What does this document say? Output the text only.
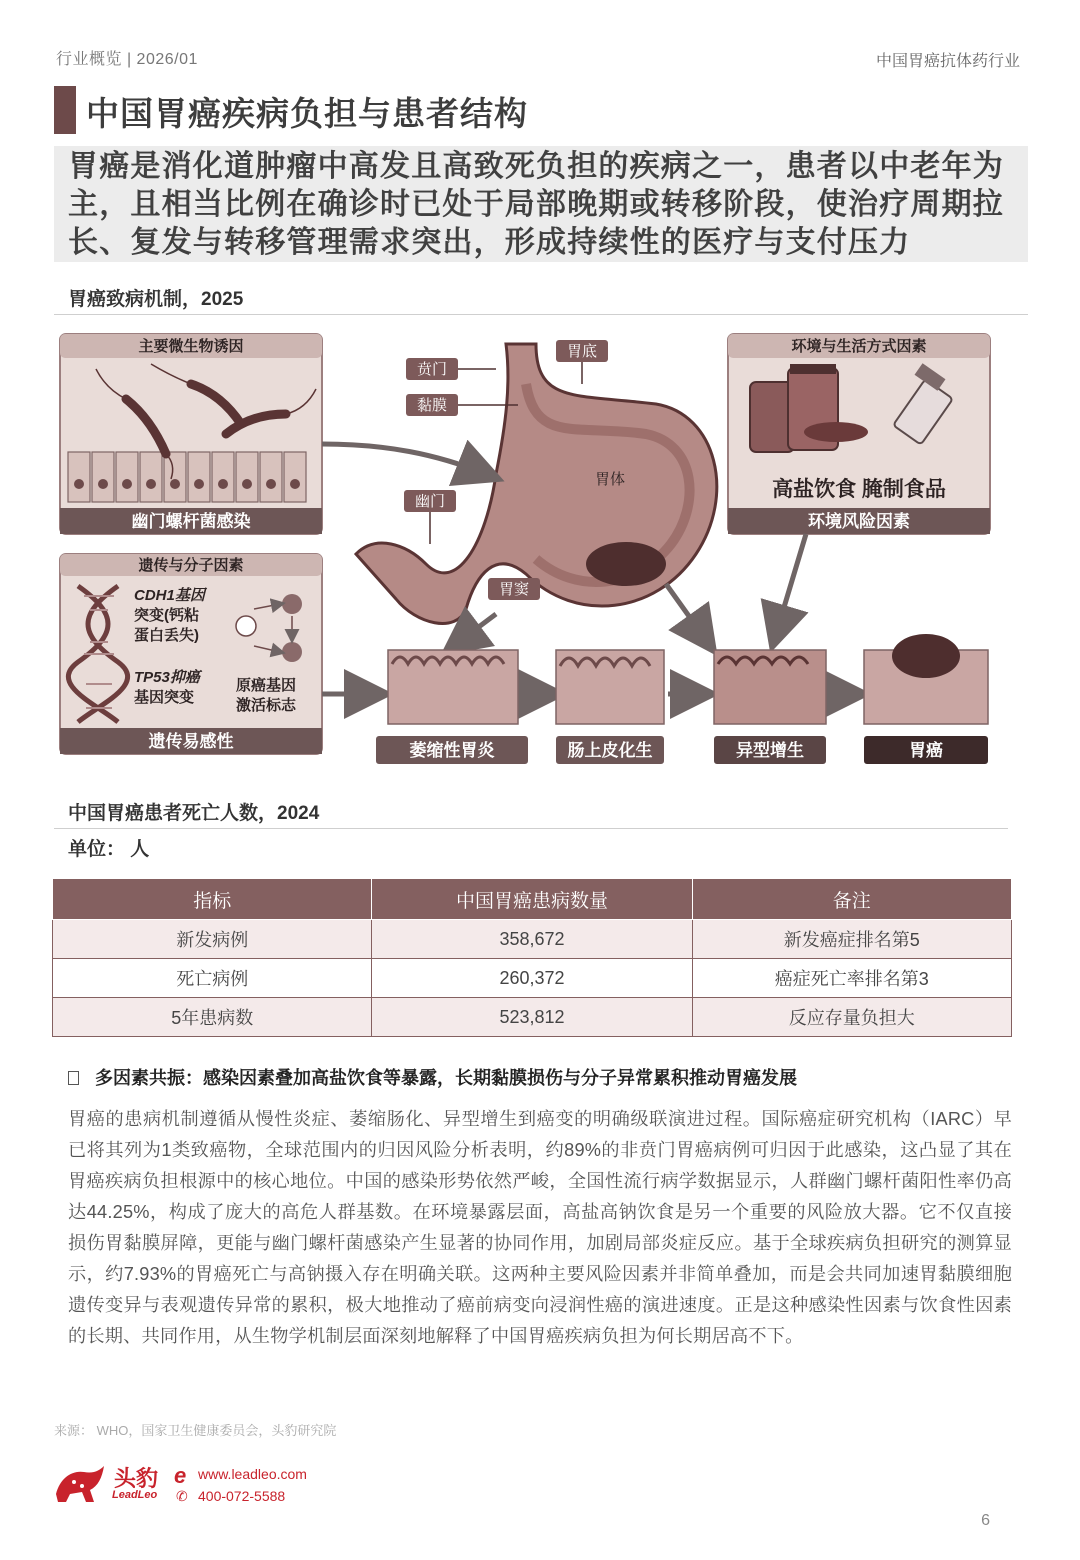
行业概览 | 2026/01	中国胃癌抗体药行业
中国胃癌疾病负担与患者结构
胃癌是消化道肿瘤中高发且高致死负担的疾病之一，患者以中老年为主，且相当比例在确诊时已处于局部晚期或转移阶段，使治疗周期拉长、复发与转移管理需求突出，形成持续性的医疗与支付压力
胃癌致病机制，2025
主要微生物诱因
幽门螺杆菌感染
遗传与分子因素
CDH1基因
突变(钙粘
蛋白丢失)
TP53抑癌
基因突变
原癌基因
激活标志
遗传易感性
环境与生活方式因素
高盐饮食 腌制食品
环境风险因素
贲门
黏膜
胃底
胃体
幽门
胃窦
萎缩性胃炎	肠上皮化生	异型增生	胃癌
中国胃癌患者死亡人数，2024
单位： 人
指标	中国胃癌患病数量	备注
新发病例	358,672	新发癌症排名第5
死亡病例	260,372	癌症死亡率排名第3
5年患病数	523,812	反应存量负担大
多因素共振：感染因素叠加高盐饮食等暴露，长期黏膜损伤与分子异常累积推动胃癌发展
胃癌的患病机制遵循从慢性炎症、萎缩肠化、异型增生到癌变的明确级联演进过程。国际癌症研究机构（IARC）早已将其列为1类致癌物，全球范围内的归因风险分析表明，约89%的非贲门胃癌病例可归因于此感染，这凸显了其在胃癌疾病负担根源中的核心地位。中国的感染形势依然严峻，全国性流行病学数据显示，人群幽门螺杆菌阳性率仍高达44.25%，构成了庞大的高危人群基数。在环境暴露层面，高盐高钠饮食是另一个重要的风险放大器。它不仅直接损伤胃黏膜屏障，更能与幽门螺杆菌感染产生显著的协同作用，加剧局部炎症反应。基于全球疾病负担研究的测算显示，约7.93%的胃癌死亡与高钠摄入存在明确关联。这两种主要风险因素并非简单叠加，而是会共同加速胃黏膜细胞遗传变异与表观遗传异常的累积，极大地推动了癌前病变向浸润性癌的演进速度。正是这种感染性因素与饮食性因素的长期、共同作用，从生物学机制层面深刻地解释了中国胃癌疾病负担为何长期居高不下。
来源： WHO，国家卫生健康委员会，头豹研究院
头豹
LeadLeo
e www.leadleo.com
✆ 400-072-5588
6
